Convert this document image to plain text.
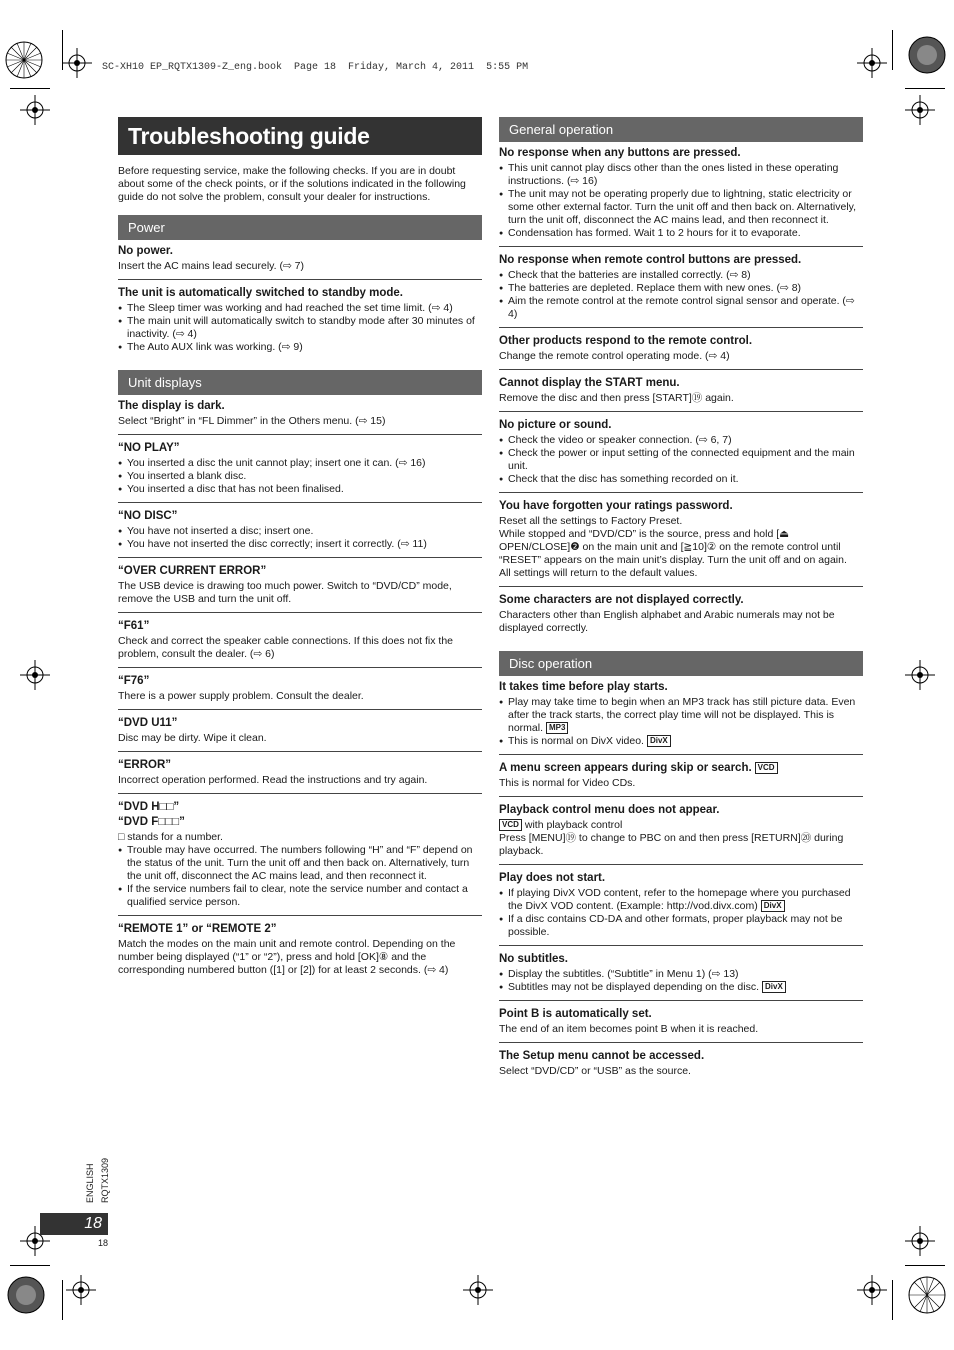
SC-XH10 EP_RQTX1309-Z_eng.book  Page 18  Friday, March 4, 2011  5:55 PM
Troubleshooting guide
Before requesting service, make the following checks. If you are in doubt about some of the check points, or if the solutions indicated in the following guide do not solve the problem, consult your dealer for instructions.
Power
No power.
Insert the AC mains lead securely. (⇨ 7)
The unit is automatically switched to standby mode.
● The Sleep timer was working and had reached the set time limit. (⇨ 4)
● The main unit will automatically switch to standby mode after 30 minutes of inactivity. (⇨ 4)
● The Auto AUX link was working. (⇨ 9)
Unit displays
The display is dark.
Select “Bright” in “FL Dimmer” in the Others menu. (⇨ 15)
“NO PLAY”
● You inserted a disc the unit cannot play; insert one it can. (⇨ 16)
● You inserted a blank disc.
● You inserted a disc that has not been finalised.
“NO DISC”
● You have not inserted a disc; insert one.
● You have not inserted the disc correctly; insert it correctly. (⇨ 11)
“OVER CURRENT ERROR”
The USB device is drawing too much power. Switch to “DVD/CD” mode, remove the USB and turn the unit off.
“F61”
Check and correct the speaker cable connections. If this does not fix the problem, consult the dealer. (⇨ 6)
“F76”
There is a power supply problem. Consult the dealer.
“DVD U11”
Disc may be dirty. Wipe it clean.
“ERROR”
Incorrect operation performed. Read the instructions and try again.
“DVD H□□”
“DVD F□□□”
□ stands for a number.
● Trouble may have occurred. The numbers following “H” and “F” depend on the status of the unit. Turn the unit off and then back on. Alternatively, turn the unit off, disconnect the AC mains lead, and then reconnect it.
● If the service numbers fail to clear, note the service number and contact a qualified service person.
“REMOTE 1” or “REMOTE 2”
Match the modes on the main unit and remote control. Depending on the number being displayed (“1” or “2”), press and hold [OK]⑧ and the corresponding numbered button ([1] or [2]) for at least 2 seconds. (⇨ 4)
General operation
No response when any buttons are pressed.
● This unit cannot play discs other than the ones listed in these operating instructions. (⇨ 16)
● The unit may not be operating properly due to lightning, static electricity or some other external factor. Turn the unit off and then back on. Alternatively, turn the unit off, disconnect the AC mains lead, and then reconnect it.
● Condensation has formed. Wait 1 to 2 hours for it to evaporate.
No response when remote control buttons are pressed.
● Check that the batteries are installed correctly. (⇨ 8)
● The batteries are depleted. Replace them with new ones. (⇨ 8)
● Aim the remote control at the remote control signal sensor and operate. (⇨ 4)
Other products respond to the remote control.
Change the remote control operating mode. (⇨ 4)
Cannot display the START menu.
Remove the disc and then press [START]⑲ again.
No picture or sound.
● Check the video or speaker connection. (⇨ 6, 7)
● Check the power or input setting of the connected equipment and the main unit.
● Check that the disc has something recorded on it.
You have forgotten your ratings password.
Reset all the settings to Factory Preset.
While stopped and “DVD/CD” is the source, press and hold [⏏ OPEN/CLOSE]❷ on the main unit and [≧10]② on the remote control until “RESET” appears on the main unit’s display. Turn the unit off and on again.
All settings will return to the default values.
Some characters are not displayed correctly.
Characters other than English alphabet and Arabic numerals may not be displayed correctly.
Disc operation
It takes time before play starts.
● Play may take time to begin when an MP3 track has still picture data. Even after the track starts, the correct play time will not be displayed. This is normal. MP3
● This is normal on DivX video. DivX
A menu screen appears during skip or search. VCD
This is normal for Video CDs.
Playback control menu does not appear.
VCD with playback control
Press [MENU]⑲ to change to PBC on and then press [RETURN]⑳ during playback.
Play does not start.
● If playing DivX VOD content, refer to the homepage where you purchased the DivX VOD content. (Example: http://vod.divx.com) DivX
● If a disc contains CD-DA and other formats, proper playback may not be possible.
No subtitles.
● Display the subtitles. (“Subtitle” in Menu 1) (⇨ 13)
● Subtitles may not be displayed depending on the disc. DivX
Point B is automatically set.
The end of an item becomes point B when it is reached.
The Setup menu cannot be accessed.
Select “DVD/CD” or “USB” as the source.
ENGLISH RQTX1309
18
18
